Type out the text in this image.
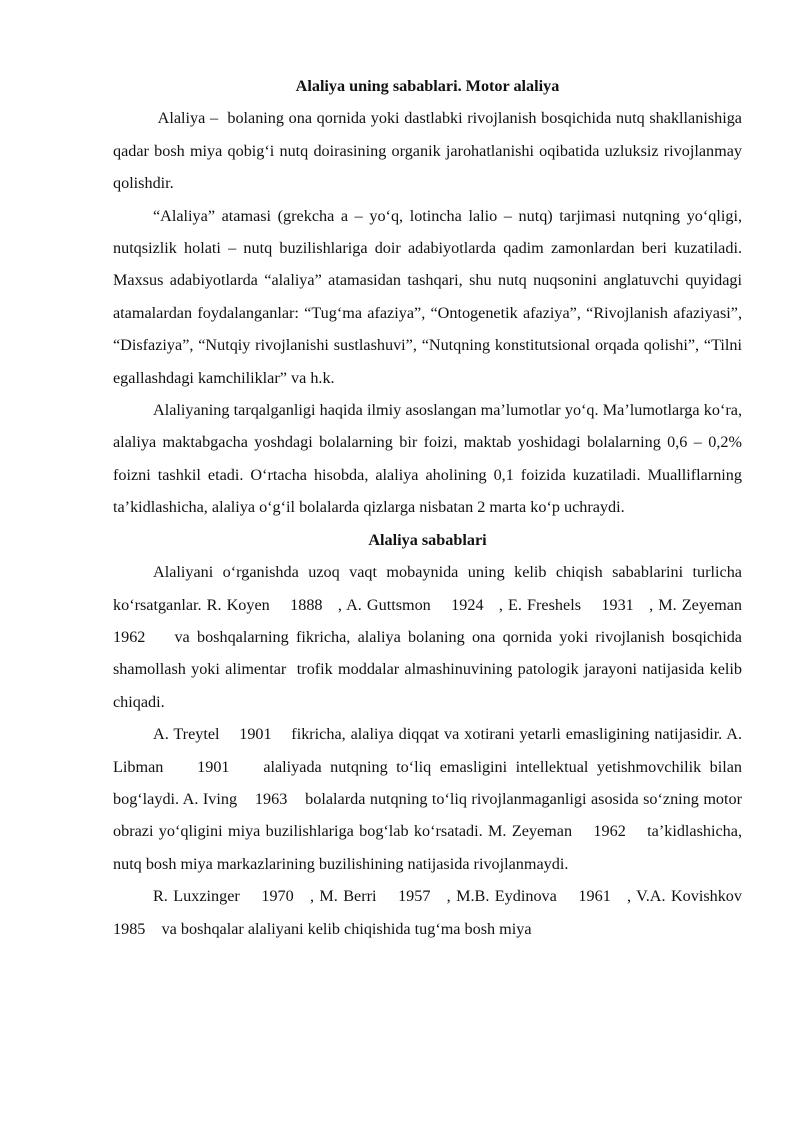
Alaliya uning sabablari. Motor alaliya

Alaliya –  bolaning ona qornida yoki dastlabki rivojlanish bosqichida nutq shakllanishiga qadar bosh miya qobig‘i nutq doirasining organik jarohatlanishi oqibatida uzluksiz rivojlanmay qolishdir.

“Alaliya” atamasi (grekcha a – yo‘q, lotincha lalio – nutq) tarjimasi nutqning yo‘qligi, nutqsizlik holati – nutq buzilishlariga doir adabiyotlarda qadim zamonlardan beri kuzatiladi. Maxsus adabiyotlarda “alaliya” atamasidan tashqari, shu nutq nuqsonini anglatuvchi quyidagi atamalardan foydalanganlar: “Tug‘ma afaziya”, “Ontogenetik afaziya”, “Rivojlanish afaziyasi”, “Disfaziya”, “Nutqiy rivojlanishi sustlashuvi”, “Nutqning konstitutsional orqada qolishi”, “Tilni egallashdagi kamchiliklar” va h.k.

Alaliyaning tarqalganligi haqida ilmiy asoslangan ma’lumotlar yo‘q. Ma’lumotlarga ko‘ra, alaliya maktabgacha yoshdagi bolalarning bir foizi, maktab yoshidagi bolalarning 0,6 – 0,2% foizni tashkil etadi. O‘rtacha hisobda, alaliya aholining 0,1 foizida kuzatiladi. Mualliflarning ta’kidlashicha, alaliya o‘g‘il bolalarda qizlarga nisbatan 2 marta ko‘p uchraydi.

Alaliya sabablari

Alaliyani o‘rganishda uzoq vaqt mobaynida uning kelib chiqish sabablarini turlicha ko‘rsatganlar. R. Koyen    1888   , A. Guttsmon    1924   , E. Freshels    1931   , M. Zeyeman    1962    va boshqalarning fikricha, alaliya bolaning ona qornida yoki rivojlanish bosqichida shamollash yoki alimentar  trofik moddalar almashinuvining patologik jarayoni natijasida kelib chiqadi.

A. Treytel    1901    fikricha, alaliya diqqat va xotirani yetarli emasligining natijasidir. A. Libman    1901    alaliyada nutqning to‘liq emasligini intellektual yetishmovchilik bilan bog‘laydi. A. Iving    1963    bolalarda nutqning to‘liq rivojlanmaganligi asosida so‘zning motor obrazi yo‘qligini miya buzilishlariga bog‘lab ko‘rsatadi. M. Zeyeman    1962    ta’kidlashicha, nutq bosh miya markazlarining buzilishining natijasida rivojlanmaydi.

R. Luxzinger    1970   , M. Berri    1957   , M.B. Eydinova    1961   , V.A. Kovishkov    1985    va boshqalar alaliyani kelib chiqishida tug‘ma bosh miya
